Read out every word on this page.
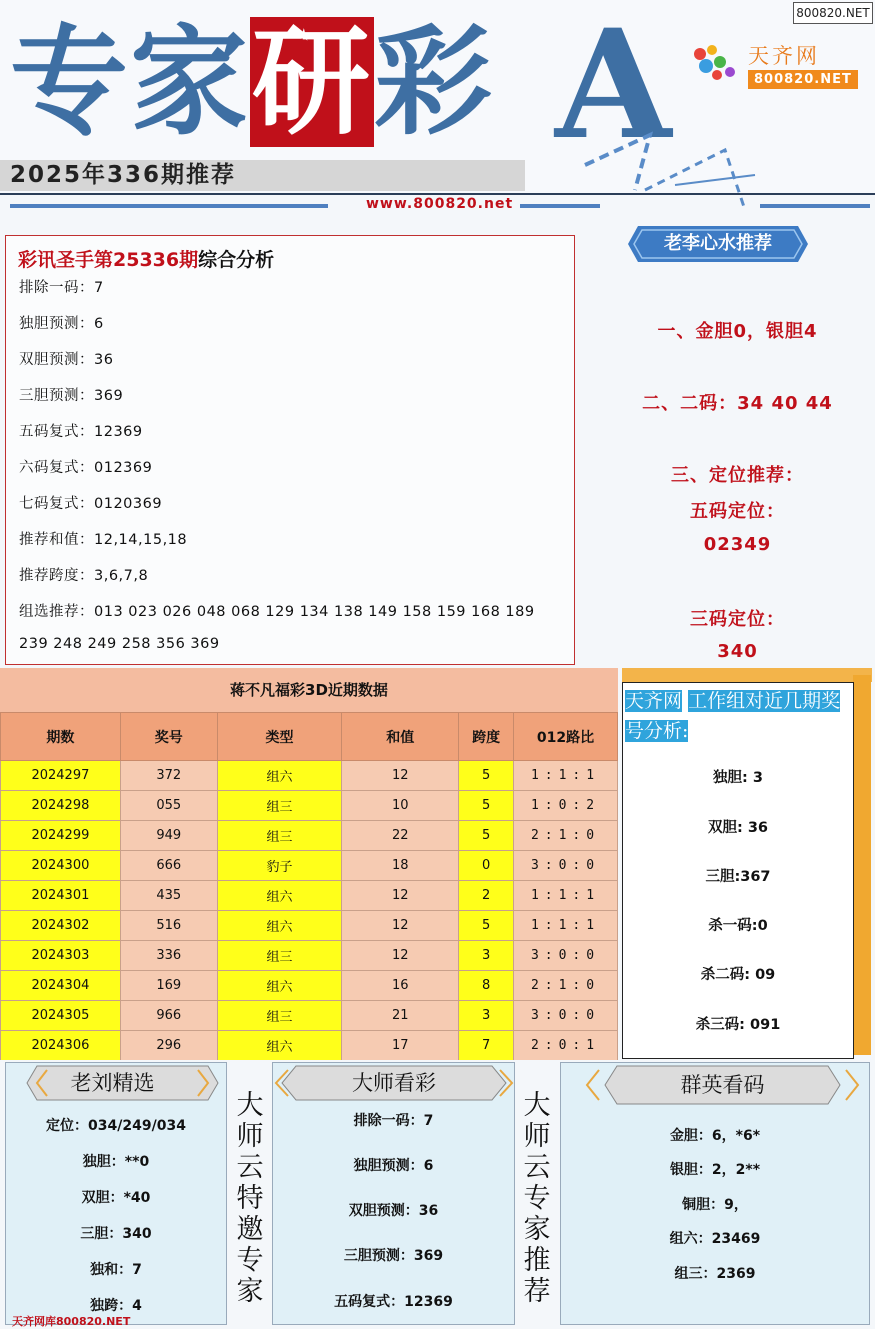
专家研彩 A	天齐网
800820.NET
800820.NET
2025年336期推荐
www.800820.net
彩讯圣手第25336期综合分析
排除一码：7
独胆预测：6
双胆预测：36
三胆预测：369
五码复式：12369
六码复式：012369
七码复式：0120369
推荐和值：12,14,15,18
推荐跨度：3,6,7,8
组选推荐：013 023 026 048 068 129 134 138 149 158 159 168 189
239 248 249 258 356 369
老李心水推荐
一、金胆0，银胆4
二、二码：34 40 44
三、定位推荐：
五码定位：
02349
三码定位：
340
蒋不凡福彩3D近期数据
期数	奖号	类型	和值	跨度	012路比
2024297	372	组六	12	5	1:1:1
2024298	055	组三	10	5	1:0:2
2024299	949	组三	22	5	2:1:0
2024300	666	豹子	18	0	3:0:0
2024301	435	组六	12	2	1:1:1
2024302	516	组六	12	5	1:1:1
2024303	336	组三	12	3	3:0:0
2024304	169	组六	16	8	2:1:0
2024305	966	组三	21	3	3:0:0
2024306	296	组六	17	7	2:0:1
天齐网 工作组对近几期奖号分析:
独胆: 3
双胆: 36
三胆:367
杀一码:0
杀二码: 09
杀三码: 091
老刘精选
定位：034/249/034
独胆：**0
双胆：*40
三胆：340
独和：7
独跨：4
大
师
云
特
邀
专
家
大师看彩
排除一码：7
独胆预测：6
双胆预测：36
三胆预测：369
五码复式：12369
大
师
云
专
家
推
荐
群英看码
金胆：6，*6*
银胆：2，2**
铜胆：9，
组六：23469
组三：2369
天齐网库800820.NET
